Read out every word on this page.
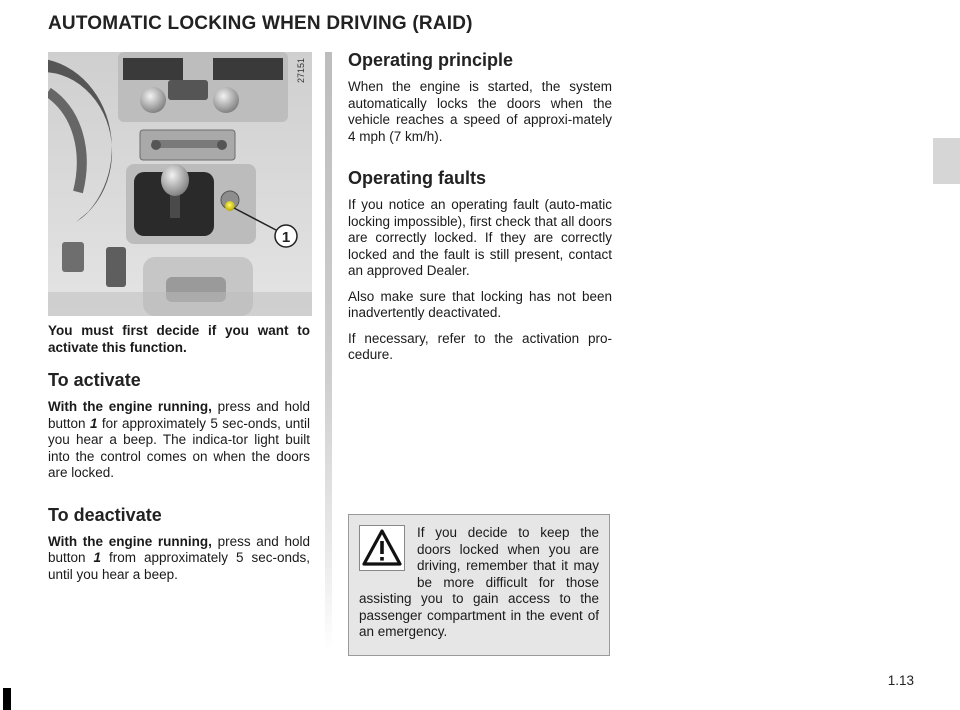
AUTOMATIC LOCKING WHEN DRIVING (RAID)
1
27151

You must first decide if you want to activate this function.

To activate

With the engine running, press and hold button 1 for approximately 5 sec-onds, until you hear a beep. The indica-tor light built into the control comes on when the doors are locked.

To deactivate

With the engine running, press and hold button 1 from approximately 5 sec-onds, until you hear a beep.

Operating principle

When the engine is started, the system automatically locks the doors when the vehicle reaches a speed of approxi-mately 4 mph (7 km/h).

Operating faults

If you notice an operating fault (auto-matic locking impossible), first check that all doors are correctly locked. If they are correctly locked and the fault is still present, contact an approved Dealer.

Also make sure that locking has not been inadvertently deactivated.

If necessary, refer to the activation pro-cedure.

If you decide to keep the doors locked when you are driving, remember that it may be more difficult for those assisting you to gain access to the passenger compartment in the event of an emergency.

1.13
